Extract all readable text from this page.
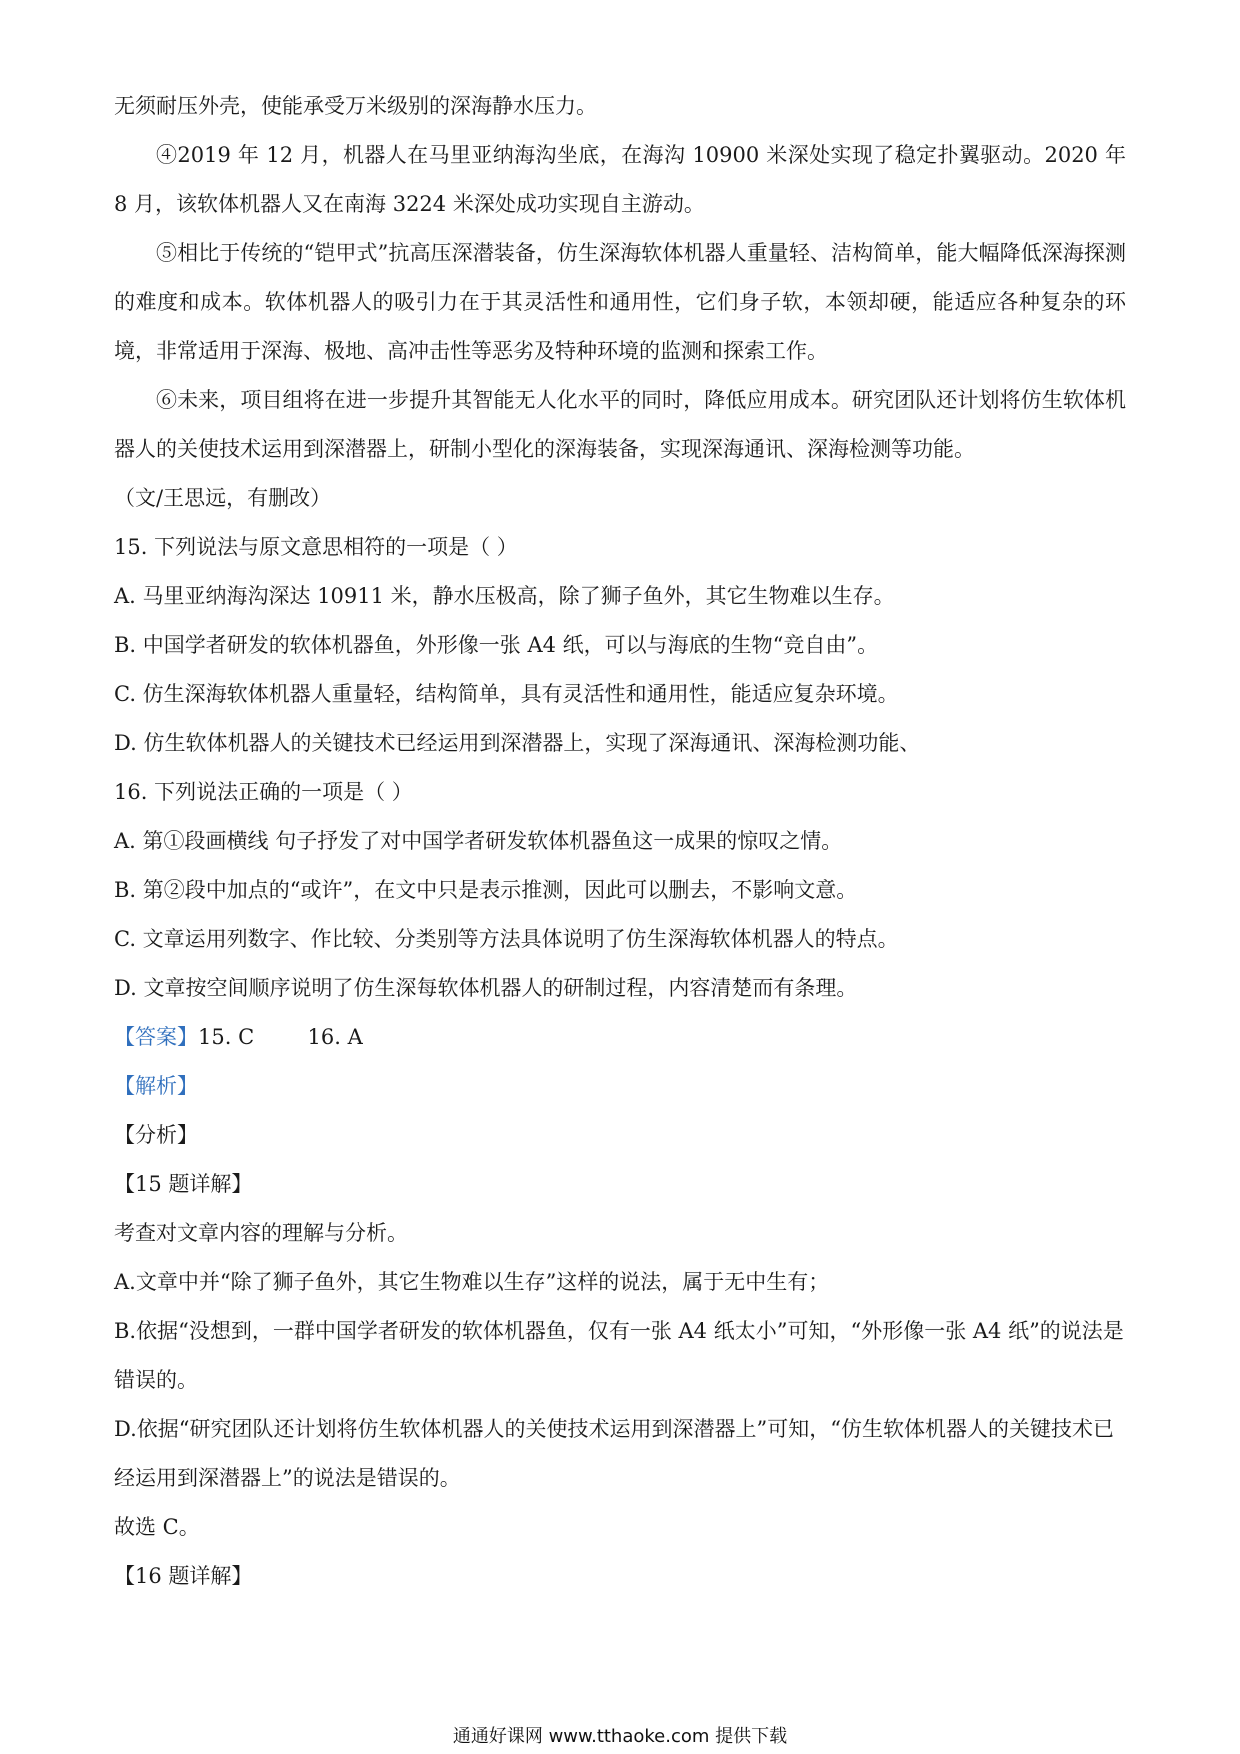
无须耐压外壳，使能承受万米级别的深海静水压力。

④2019 年 12 月，机器人在马里亚纳海沟坐底，在海沟 10900 米深处实现了稳定扑翼驱动。2020 年 8 月，该软体机器人又在南海 3224 米深处成功实现自主游动。

⑤相比于传统的“铠甲式”抗高压深潜装备，仿生深海软体机器人重量轻、洁构简单，能大幅降低深海探测的难度和成本。软体机器人的吸引力在于其灵活性和通用性，它们身子软，本领却硬，能适应各种复杂的环境，非常适用于深海、极地、高冲击性等恶劣及特种环境的监测和探索工作。

⑥未来，项目组将在进一步提升其智能无人化水平的同时，降低应用成本。研究团队还计划将仿生软体机器人的关使技术运用到深潜器上，研制小型化的深海装备，实现深海通讯、深海检测等功能。

（文/王思远，有删改）

15. 下列说法与原文意思相符的一项是（ ）

A. 马里亚纳海沟深达 10911 米，静水压极高，除了狮子鱼外，其它生物难以生存。

B. 中国学者研发的软体机器鱼，外形像一张 A4 纸，可以与海底的生物“竞自由”。

C. 仿生深海软体机器人重量轻，结构简单，具有灵活性和通用性，能适应复杂环境。

D. 仿生软体机器人的关键技术已经运用到深潜器上，实现了深海通讯、深海检测功能、

16. 下列说法正确的一项是（ ）

A. 第①段画横线 句子抒发了对中国学者研发软体机器鱼这一成果的惊叹之情。

B. 第②段中加点的“或许”，在文中只是表示推测，因此可以删去，不影响文意。

C. 文章运用列数字、作比较、分类别等方法具体说明了仿生深海软体机器人的特点。

D. 文章按空间顺序说明了仿生深每软体机器人的研制过程，内容清楚而有条理。

【答案】15. C        16. A

【解析】

【分析】

【15 题详解】

考查对文章内容的理解与分析。

A.文章中并“除了狮子鱼外，其它生物难以生存”这样的说法，属于无中生有；

B.依据“没想到，一群中国学者研发的软体机器鱼，仅有一张 A4 纸太小”可知，“外形像一张 A4 纸”的说法是错误的。

D.依据“研究团队还计划将仿生软体机器人的关使技术运用到深潜器上”可知，“仿生软体机器人的关键技术已经运用到深潜器上”的说法是错误的。

故选 C。

【16 题详解】

通通好课网 www.tthaoke.com 提供下载
